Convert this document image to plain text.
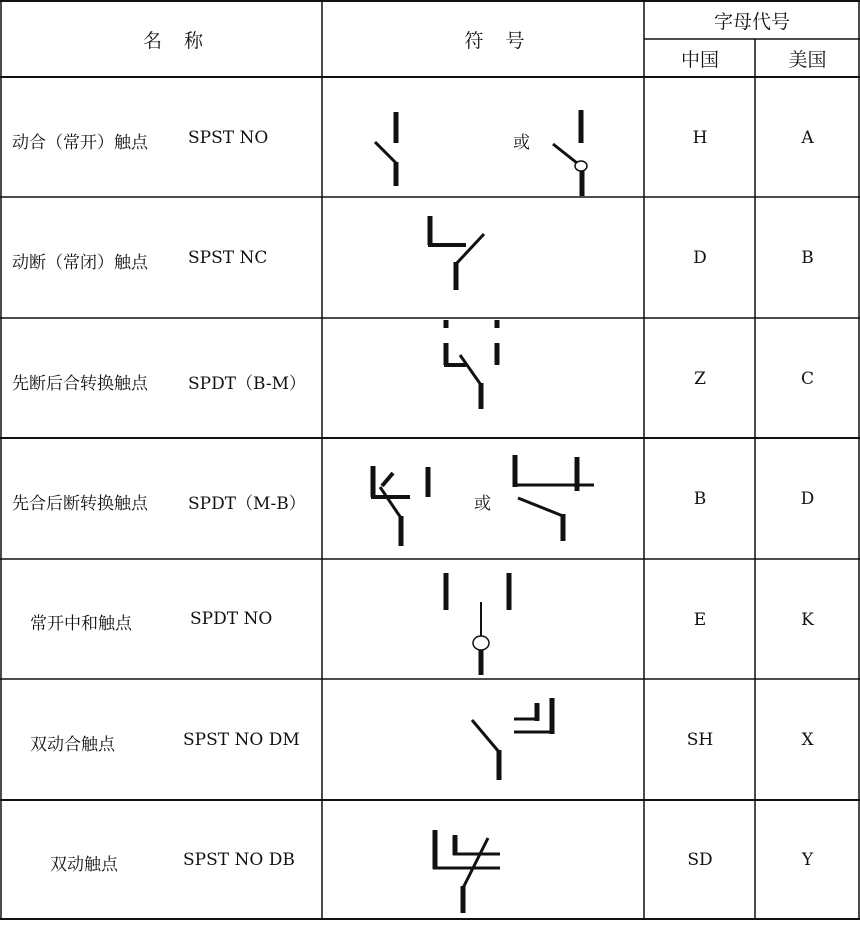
名称	符号
字母代号
中国	美国
动合（常开）触点 SPST NO	或	H	A
动断（常闭）触点 SPST NC	D	B
先断后合转换触点 SPDT（B-M）	Z	C
先合后断转换触点 SPDT（M-B）	或	B	D
常开中和触点	SPDT NO	E	K
双动合触点	SPST NO DM	SH	X
双动触点	SPST NO DB	SD	Y
